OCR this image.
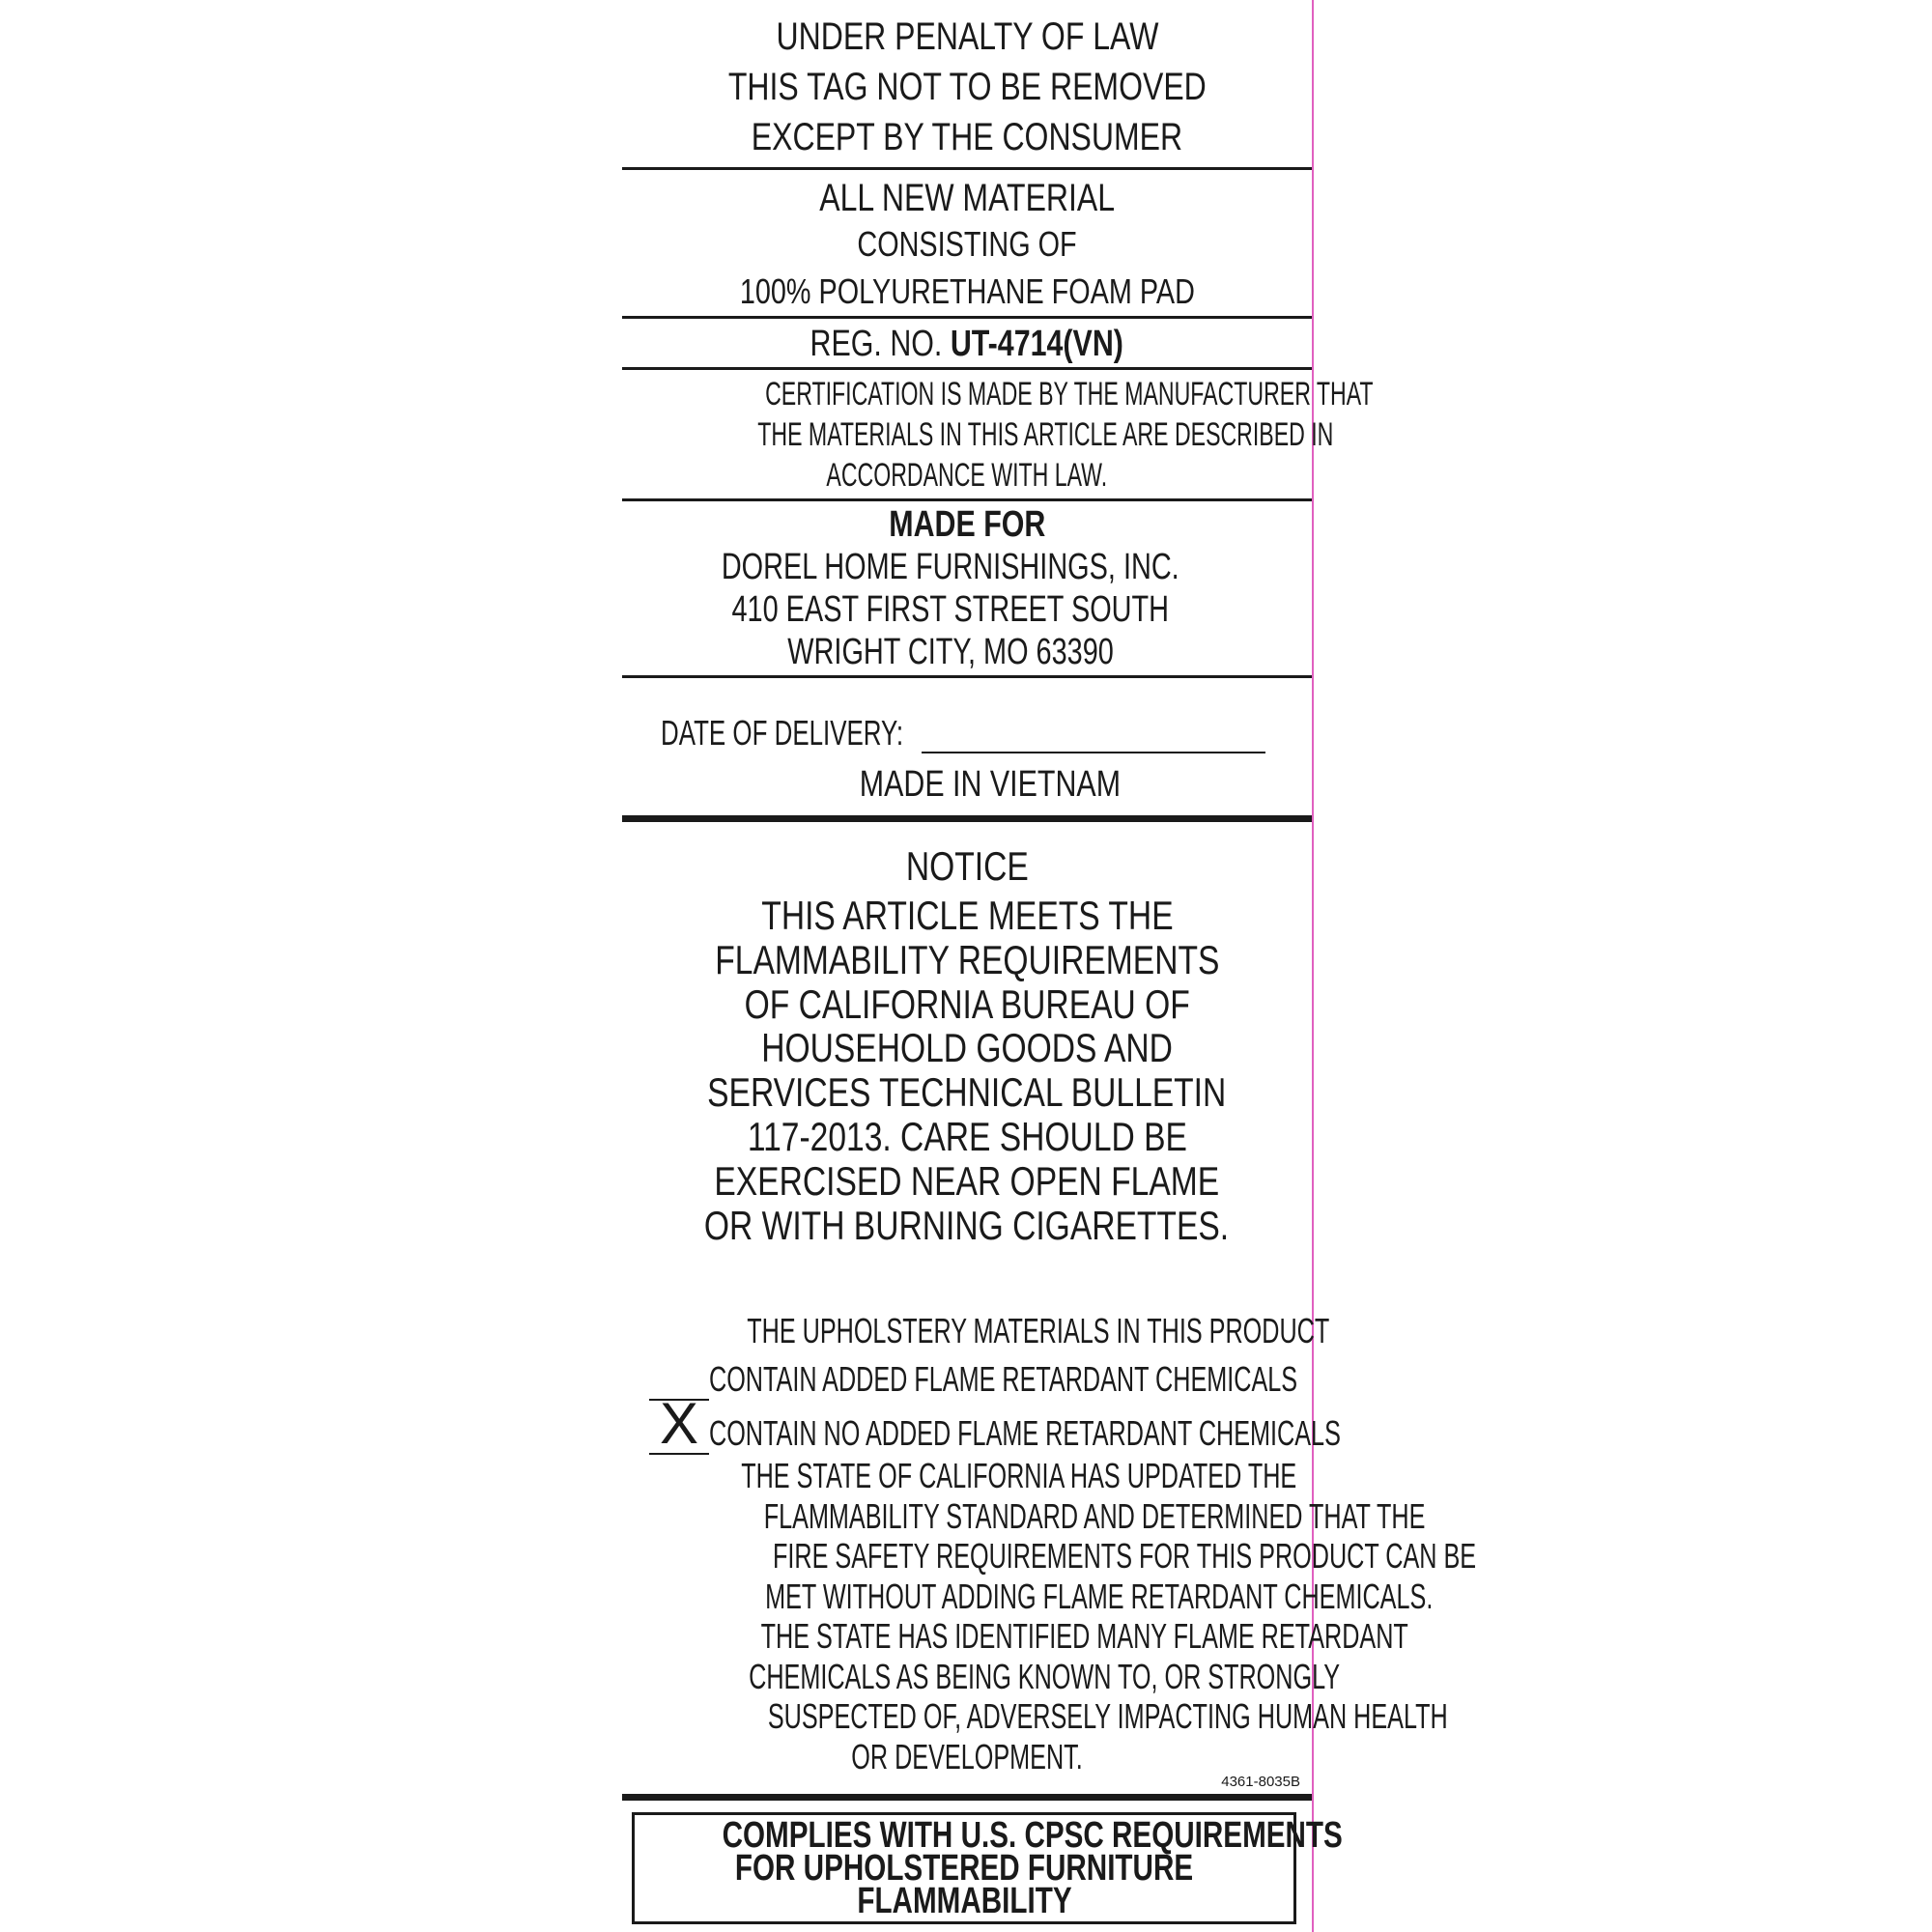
UNDER PENALTY OF LAW
THIS TAG NOT TO BE REMOVED
EXCEPT BY THE CONSUMER
ALL NEW MATERIAL
CONSISTING OF
100% POLYURETHANE FOAM PAD
REG. NO. UT-4714(VN)
CERTIFICATION IS MADE BY THE MANUFACTURER THAT
THE MATERIALS IN THIS ARTICLE ARE DESCRIBED IN
ACCORDANCE WITH LAW.
MADE FOR
DOREL HOME FURNISHINGS, INC.
410 EAST FIRST STREET SOUTH
WRIGHT CITY, MO 63390
DATE OF DELIVERY:
MADE IN VIETNAM
NOTICE
THIS ARTICLE MEETS THE
FLAMMABILITY REQUIREMENTS
OF CALIFORNIA BUREAU OF
HOUSEHOLD GOODS AND
SERVICES TECHNICAL BULLETIN
117-2013. CARE SHOULD BE
EXERCISED NEAR OPEN FLAME
OR WITH BURNING CIGARETTES.
THE UPHOLSTERY MATERIALS IN THIS PRODUCT
CONTAIN ADDED FLAME RETARDANT CHEMICALS
X CONTAIN NO ADDED FLAME RETARDANT CHEMICALS
THE STATE OF CALIFORNIA HAS UPDATED THE
FLAMMABILITY STANDARD AND DETERMINED THAT THE
FIRE SAFETY REQUIREMENTS FOR THIS PRODUCT CAN BE
MET WITHOUT ADDING FLAME RETARDANT CHEMICALS.
THE STATE HAS IDENTIFIED MANY FLAME RETARDANT
CHEMICALS AS BEING KNOWN TO, OR STRONGLY
SUSPECTED OF, ADVERSELY IMPACTING HUMAN HEALTH
OR DEVELOPMENT.
4361-8035B
COMPLIES WITH U.S. CPSC REQUIREMENTS
FOR UPHOLSTERED FURNITURE
FLAMMABILITY
